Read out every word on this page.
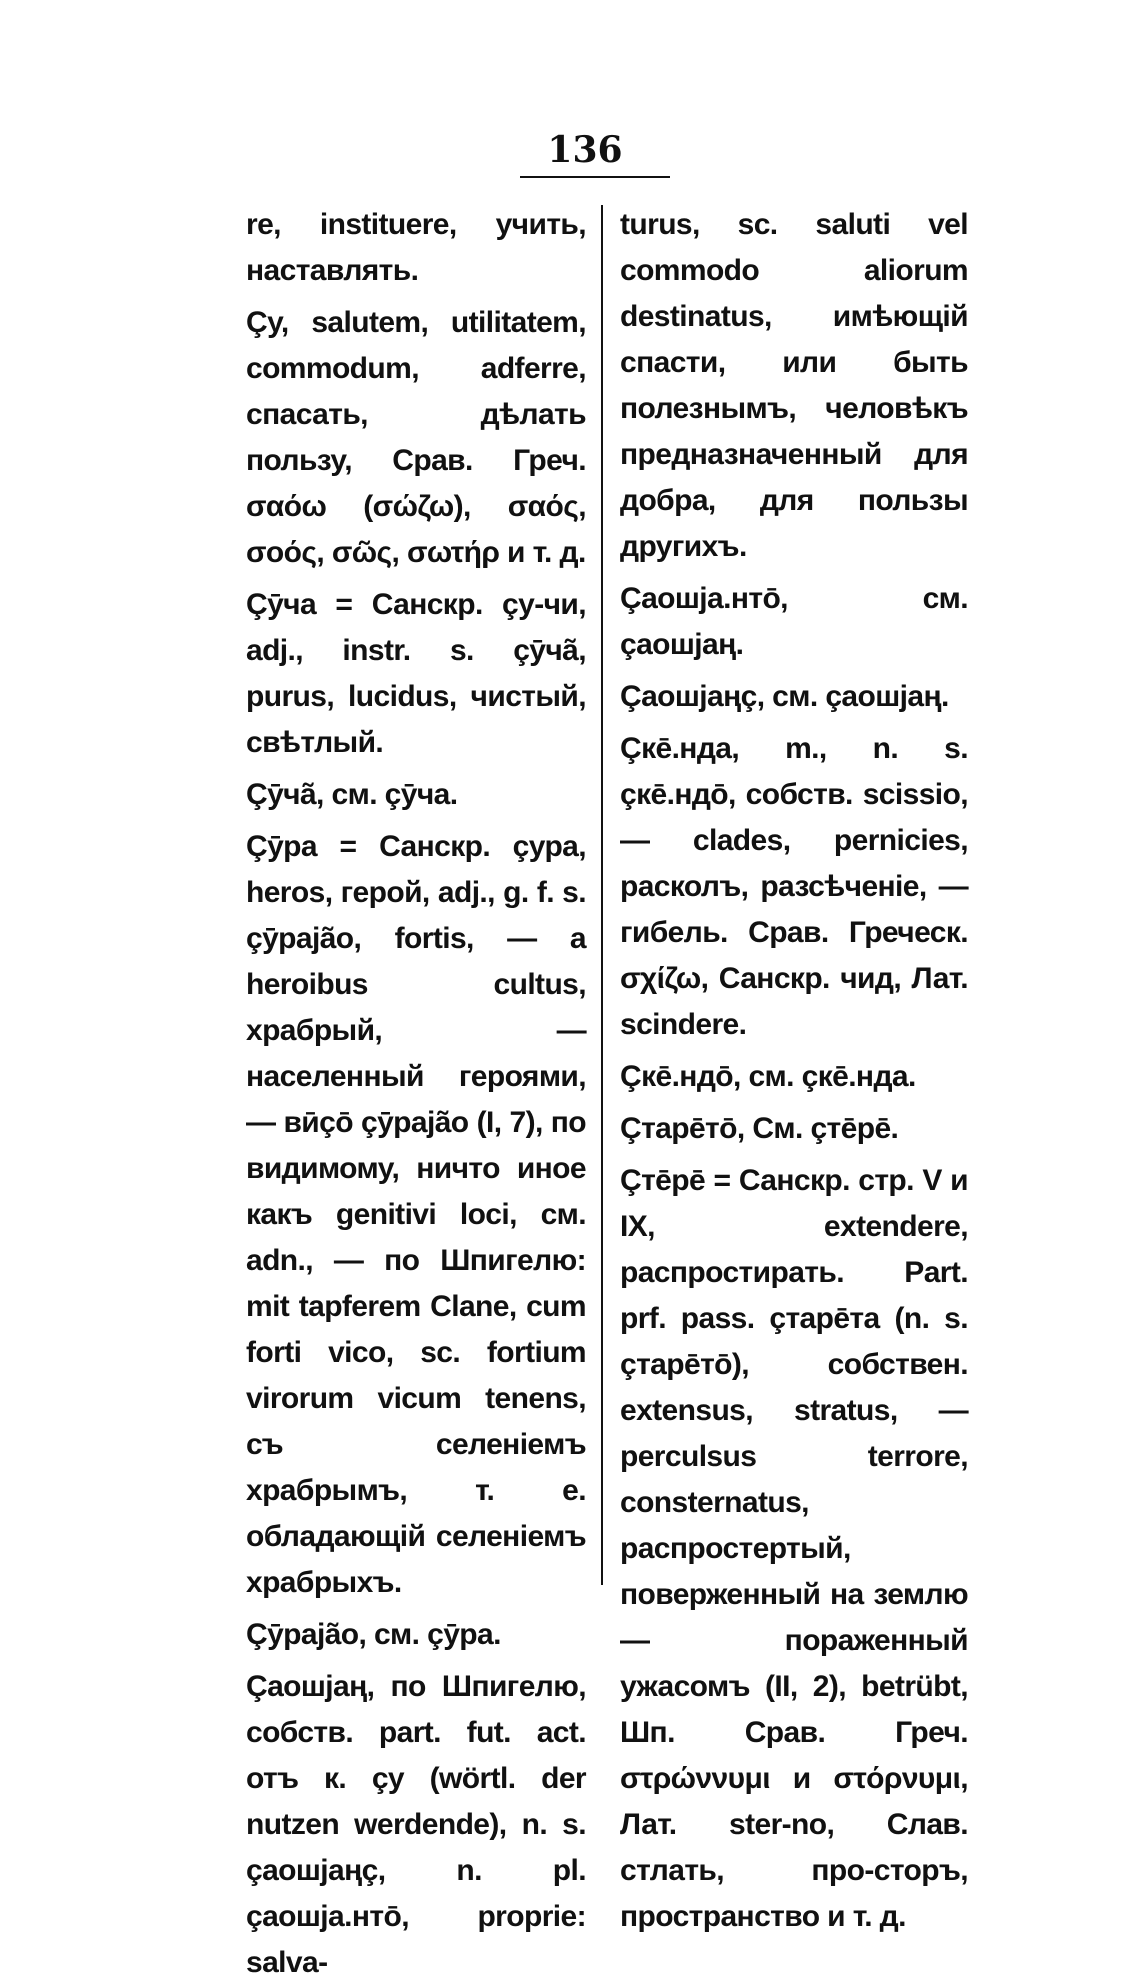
136

re, instituere, учить, наставлять.

Çy, salutem, utilitatem, commodum, adferre, спасать, дѣлать пользу, Срав. Греч. σαόω (σώζω), σαός, σοός, σῶς, σωτήρ и т. д.

Çӯча = Санскр. çу-чи, adj., instr. s. çӯчã, purus, lucidus, чистый, свѣтлый.

Çӯчã, см. çӯча.

Çӯра = Санскр. çура, heros, герой, adj., g. f. s. çӯpajão, fortis, — a heroibus cultus, храбрый, — населенный героями, — вӣçō çӯpajão (I, 7), по видимому, ничто иное какъ genitivi loci, см. adn., — по Шпигелю: mit tapferem Clane, cum forti vico, sc. fortium virorum vicum tenens, съ селеніемъ храбрымъ, т. е. обладающій селеніемъ храбрыхъ.

Çӯрajão, см. çӯра.

Çаошјаң, по Шпигелю, собств. part. fut. act. отъ к. çу (wörtl. der nutzen werdende), n. s. çаошјаңç, n. pl. çаошја.нтō, proprie: salva-

turus, sc. saluti vel commodo aliorum destinatus, имѣющій спасти, или быть полезнымъ, человѣкъ предназначенный для добра, для пользы другихъ.

Çаошја.нтō, см. çаошјаң.

Çаошјаңç, см. çаошјаң.

Çкē.нда, m., n. s. çкē.ндō, собств. scissio, — clades, pernicies, расколъ, разсѣченіе, — гибель. Срав. Греческ. σχίζω, Санскр. чид, Лат. scindere.

Çкē.ндō, см. çкē.нда.

Çтарēтō, См. çтēрē.

Çтēрē = Санскр. стр. V и IX, extendere, распростирать. Part. prf. pass. çтарēта (n. s. çтарēтō), собствен. extensus, stratus, — perculsus terrore, consternatus, распростертый, поверженный на землю — пораженный ужасомъ (II, 2), betrübt, Шп. Срав. Греч. στρώννυμι и στόρνυμι, Лат. ster-no, Слав. стлать, про-сторъ, пространство и т. д.
